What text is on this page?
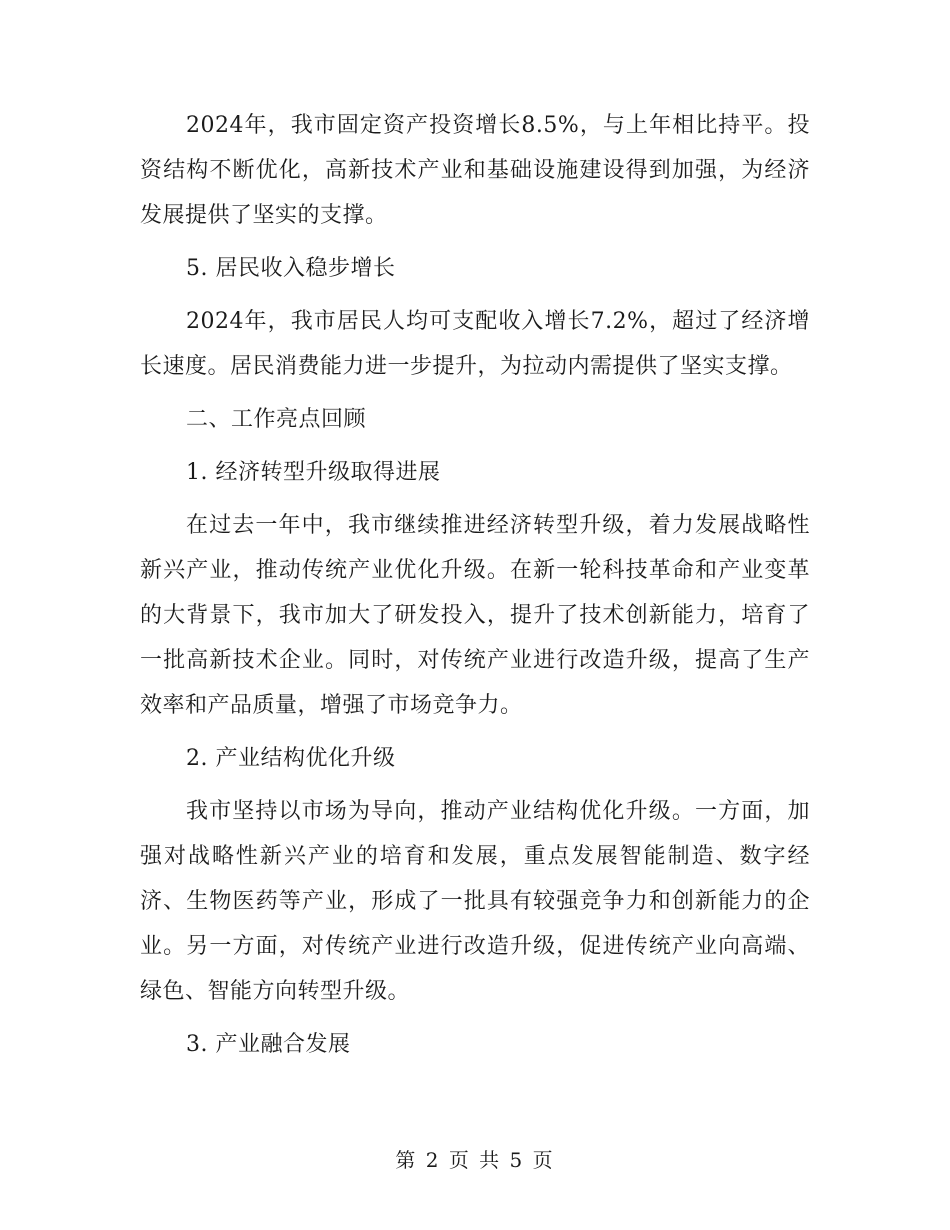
2024年，我市固定资产投资增长8.5%，与上年相比持平。投资结构不断优化，高新技术产业和基础设施建设得到加强，为经济发展提供了坚实的支撑。

5. 居民收入稳步增长

2024年，我市居民人均可支配收入增长7.2%，超过了经济增长速度。居民消费能力进一步提升，为拉动内需提供了坚实支撑。

二、工作亮点回顾

1. 经济转型升级取得进展

在过去一年中，我市继续推进经济转型升级，着力发展战略性新兴产业，推动传统产业优化升级。在新一轮科技革命和产业变革的大背景下，我市加大了研发投入，提升了技术创新能力，培育了一批高新技术企业。同时，对传统产业进行改造升级，提高了生产效率和产品质量，增强了市场竞争力。

2. 产业结构优化升级

我市坚持以市场为导向，推动产业结构优化升级。一方面，加强对战略性新兴产业的培育和发展，重点发展智能制造、数字经济、生物医药等产业，形成了一批具有较强竞争力和创新能力的企业。另一方面，对传统产业进行改造升级，促进传统产业向高端、绿色、智能方向转型升级。

3. 产业融合发展

第 2 页 共 5 页
